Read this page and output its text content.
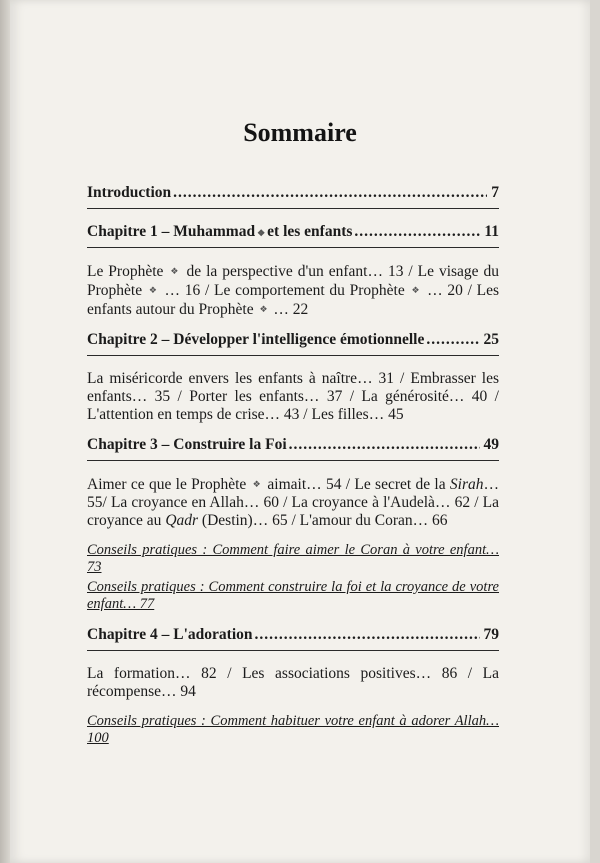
Sommaire
Introduction .....	7
Chapitre 1 – Muhammad ❖ et les enfants .....	11

Le Prophète ❖ de la perspective d'un enfant… 13 / Le visage du Prophète ❖ … 16 / Le comportement du Prophète ❖ … 20 / Les enfants autour du Prophète ❖ … 22

Chapitre 2 – Développer l'intelligence émotionnelle .....	25

La miséricorde envers les enfants à naître… 31 / Embrasser les enfants… 35 / Porter les enfants… 37 / La générosité… 40 / L'attention en temps de crise… 43 / Les filles… 45

Chapitre 3 – Construire la Foi .....	49

Aimer ce que le Prophète ❖ aimait… 54 / Le secret de la Sirah… 55/ La croyance en Allah… 60 / La croyance à l'Audelà… 62 / La croyance au Qadr (Destin)… 65 / L'amour du Coran… 66

Conseils pratiques : Comment faire aimer le Coran à votre enfant… 73

Conseils pratiques : Comment construire la foi et la croyance de votre enfant… 77

Chapitre 4 – L'adoration .....	79

La formation… 82 / Les associations positives… 86 / La récompense… 94

Conseils pratiques : Comment habituer votre enfant à adorer Allah… 100
